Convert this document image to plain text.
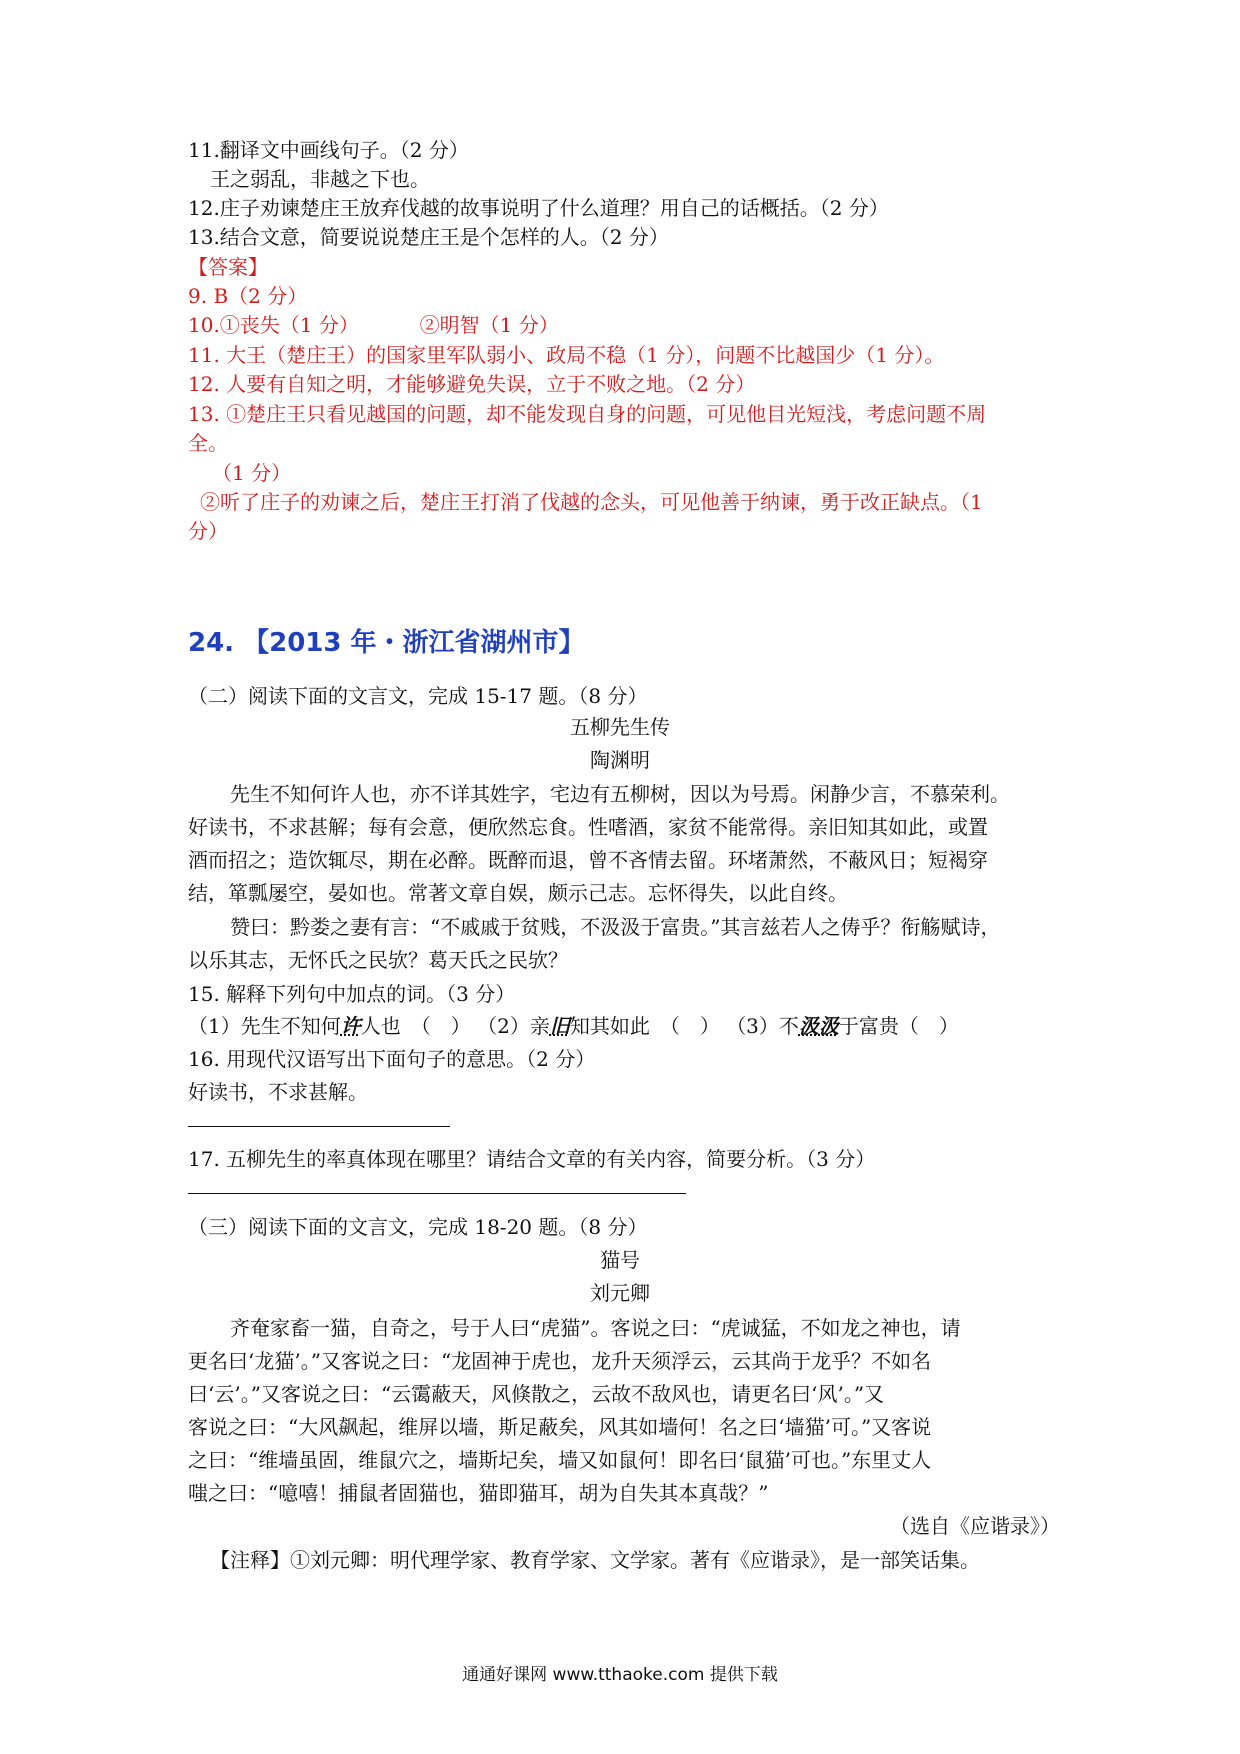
11.翻译文中画线句子。（2 分）

王之弱乱，非越之下也。

12.庄子劝谏楚庄王放弃伐越的故事说明了什么道理？用自己的话概括。（2 分）

13.结合文意，简要说说楚庄王是个怎样的人。（2 分）

【答案】

9. B（2 分）

10.①丧失（1 分）	②明智（1 分）

11. 大王（楚庄王）的国家里军队弱小、政局不稳（1 分），问题不比越国少（1 分）。

12. 人要有自知之明，才能够避免失误，立于不败之地。（2 分）

13. ①楚庄王只看见越国的问题，却不能发现自身的问题，可见他目光短浅，考虑问题不周

全。

（1 分）

②听了庄子的劝谏之后，楚庄王打消了伐越的念头，可见他善于纳谏，勇于改正缺点。（1

分）

24. 【2013 年・浙江省湖州市】

（二）阅读下面的文言文，完成 15-17 题。（8 分）

五柳先生传

陶渊明

先生不知何许人也，亦不详其姓字，宅边有五柳树，因以为号焉。闲静少言，不慕荣利。

好读书，不求甚解；每有会意，便欣然忘食。性嗜酒，家贫不能常得。亲旧知其如此，或置

酒而招之；造饮辄尽，期在必醉。既醉而退，曾不吝情去留。环堵萧然，不蔽风日；短褐穿

结，箪瓢屡空，晏如也。常著文章自娱，颇示己志。忘怀得失，以此自终。

赞曰：黔娄之妻有言：“不戚戚于贫贱，不汲汲于富贵。”其言兹若人之俦乎？衔觞赋诗，

以乐其志，无怀氏之民欤？葛天氏之民欤？

15. 解释下列句中加点的词。（3 分）

（1）先生不知何许人也　（　） （2）亲旧知其如此　（　） （3）不汲汲于富贵（　）

16. 用现代汉语写出下面句子的意思。（2 分）

好读书，不求甚解。

17. 五柳先生的率真体现在哪里？请结合文章的有关内容，简要分析。（3 分）

（三）阅读下面的文言文，完成 18-20 题。（8 分）

猫号

刘元卿

齐奄家畜一猫，自奇之，号于人曰“虎猫”。客说之曰：“虎诚猛，不如龙之神也，请

更名曰‘龙猫’。”又客说之曰：“龙固神于虎也，龙升天须浮云，云其尚于龙乎？不如名

曰‘云’。”又客说之曰：“云霭蔽天，风倏散之，云故不敌风也，请更名曰‘风’。”又

客说之曰：“大风飙起，维屏以墙，斯足蔽矣，风其如墙何！名之曰‘墙猫’可。”又客说

之曰：“维墙虽固，维鼠穴之，墙斯圮矣，墙又如鼠何！即名曰‘鼠猫’可也。”东里丈人

嗤之曰：“噫嘻！捕鼠者固猫也，猫即猫耳，胡为自失其本真哉？”

（选自《应谐录》）

【注释】①刘元卿：明代理学家、教育学家、文学家。著有《应谐录》，是一部笑话集。

通通好课网 www.tthaoke.com 提供下载
